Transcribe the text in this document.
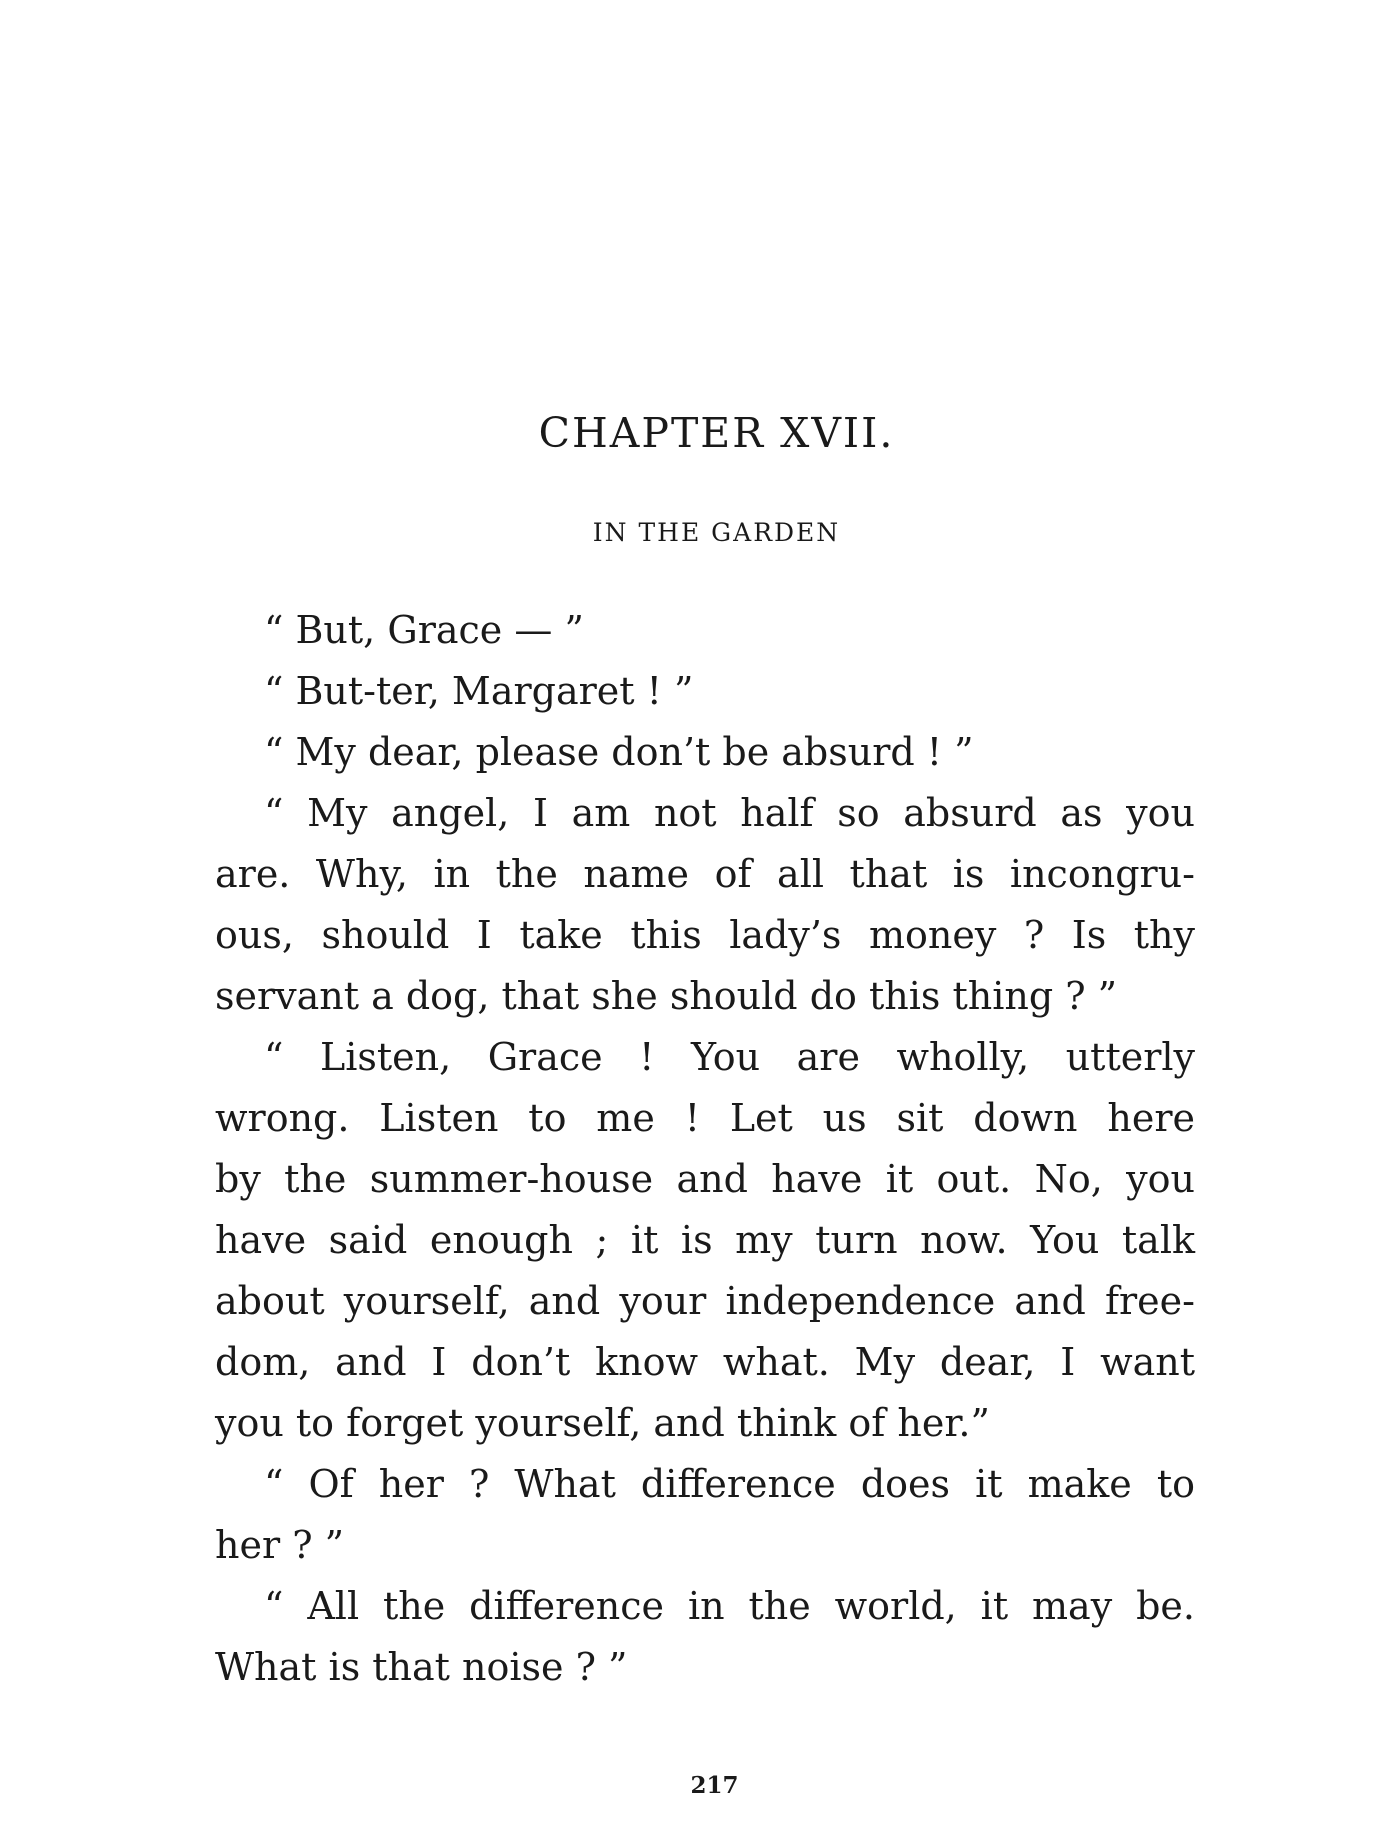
CHAPTER XVII.
IN THE GARDEN
“ But, Grace — ”
“ But-ter, Margaret ! ”
“ My dear, please don’t be absurd ! ”
“ My angel, I am not half so absurd as you
are. Why, in the name of all that is incongru-
ous, should I take this lady’s money ? Is thy
servant a dog, that she should do this thing ? ”
“ Listen, Grace ! You are wholly, utterly
wrong. Listen to me ! Let us sit down here
by the summer-house and have it out. No, you
have said enough ; it is my turn now. You talk
about yourself, and your independence and free-
dom, and I don’t know what. My dear, I want
you to forget yourself, and think of her.”
“ Of her ? What difference does it make to
her ? ”
“ All the difference in the world, it may be.
What is that noise ? ”
217
